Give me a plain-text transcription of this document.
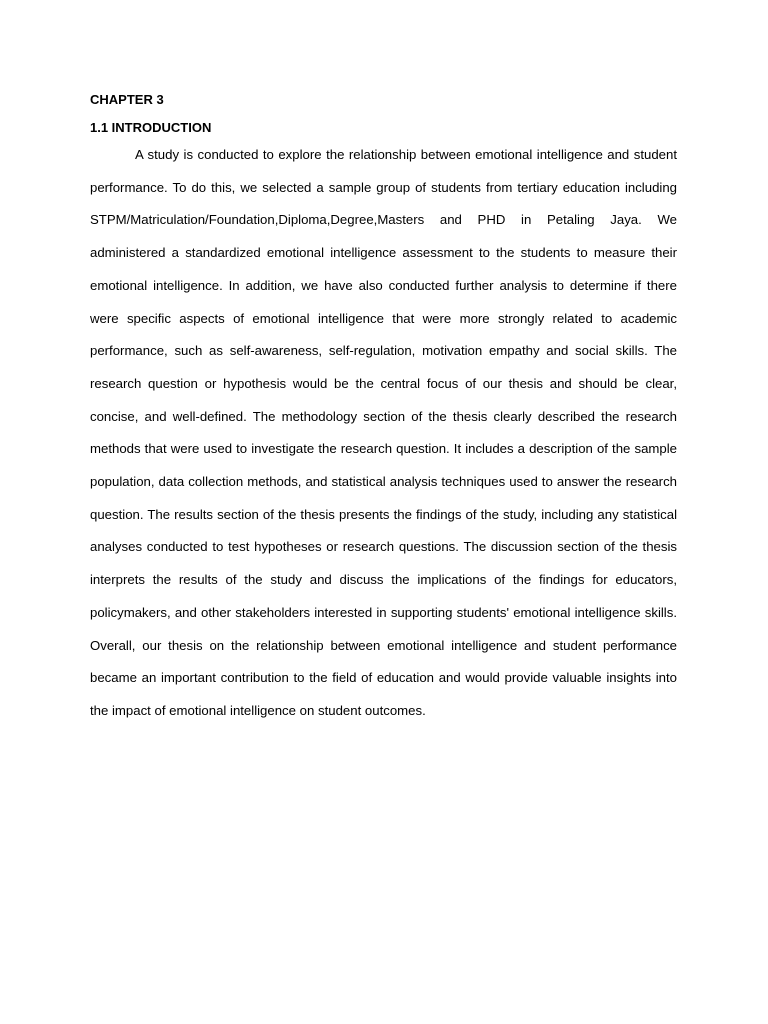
CHAPTER 3
1.1 INTRODUCTION

A study is conducted to explore the relationship between emotional intelligence and student performance. To do this, we selected a sample group of students from tertiary education including STPM/Matriculation/Foundation,Diploma,Degree,Masters and PHD in Petaling Jaya. We administered a standardized emotional intelligence assessment to the students to measure their emotional intelligence. In addition, we have also conducted further analysis to determine if there were specific aspects of emotional intelligence that were more strongly related to academic performance, such as self-awareness, self-regulation, motivation empathy and social skills. The research question or hypothesis would be the central focus of our thesis and should be clear, concise, and well-defined. The methodology section of the thesis clearly described the research methods that were used to investigate the research question. It includes a description of the sample population, data collection methods, and statistical analysis techniques used to answer the research question. The results section of the thesis presents the findings of the study, including any statistical analyses conducted to test hypotheses or research questions. The discussion section of the thesis interprets the results of the study and discuss the implications of the findings for educators, policymakers, and other stakeholders interested in supporting students' emotional intelligence skills. Overall, our thesis on the relationship between emotional intelligence and student performance became an important contribution to the field of education and would provide valuable insights into the impact of emotional intelligence on student outcomes.
